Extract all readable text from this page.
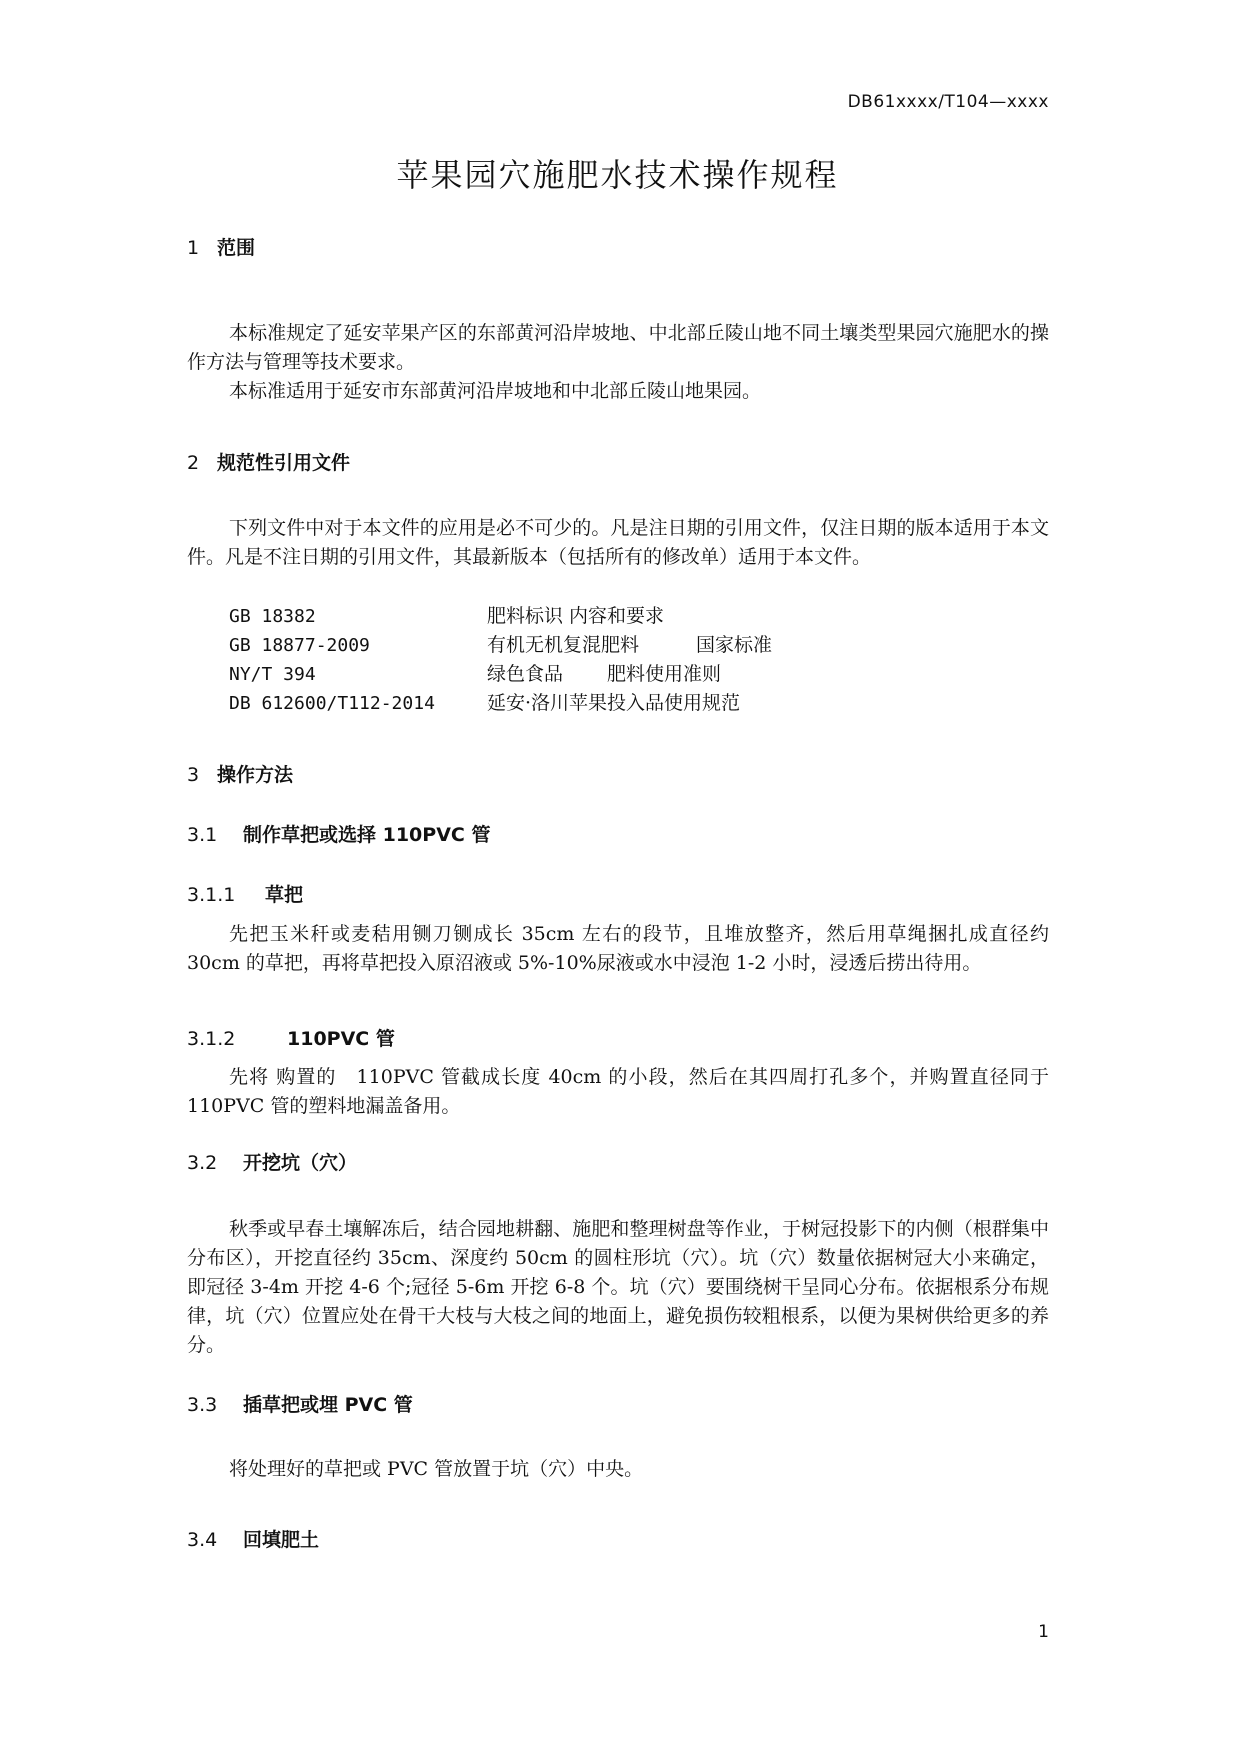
DB61xxxx/T104—xxxx
苹果园穴施肥水技术操作规程
1 范围

本标准规定了延安苹果产区的东部黄河沿岸坡地、中北部丘陵山地不同土壤类型果园穴施肥水的操作方法与管理等技术要求。

本标准适用于延安市东部黄河沿岸坡地和中北部丘陵山地果园。

2 规范性引用文件

下列文件中对于本文件的应用是必不可少的。凡是注日期的引用文件，仅注日期的版本适用于本文件。凡是不注日期的引用文件，其最新版本（包括所有的修改单）适用于本文件。

GB 18382	肥料标识 内容和要求
GB 18877-2009	有机无机复混肥料　　　国家标准
NY/T 394	绿色食品　　 肥料使用准则
DB 612600/T112-2014	延安·洛川苹果投入品使用规范
3 操作方法
3.1 制作草把或选择 110PVC 管
3.1.1 草把

先把玉米秆或麦秸用铡刀铡成长 35cm 左右的段节，且堆放整齐，然后用草绳捆扎成直径约 30cm 的草把，再将草把投入原沼液或 5%-10%尿液或水中浸泡 1-2 小时，浸透后捞出待用。

3.1.2	110PVC 管

先将 购置的　110PVC 管截成长度 40cm 的小段，然后在其四周打孔多个，并购置直径同于 110PVC 管的塑料地漏盖备用。

3.2 开挖坑（穴）

秋季或早春土壤解冻后，结合园地耕翻、施肥和整理树盘等作业，于树冠投影下的内侧（根群集中分布区），开挖直径约 35cm、深度约 50cm 的圆柱形坑（穴）。坑（穴）数量依据树冠大小来确定，即冠径 3-4m 开挖 4-6 个;冠径 5-6m 开挖 6-8 个。坑（穴）要围绕树干呈同心分布。依据根系分布规律，坑（穴）位置应处在骨干大枝与大枝之间的地面上，避免损伤较粗根系，以便为果树供给更多的养分。

3.3 插草把或埋 PVC 管

将处理好的草把或 PVC 管放置于坑（穴）中央。

3.4 回填肥土
1
